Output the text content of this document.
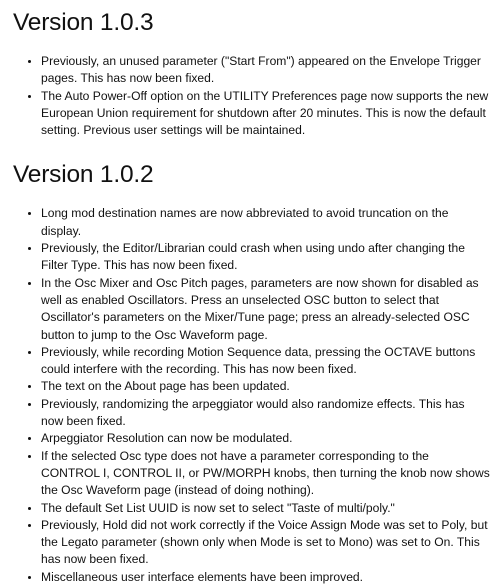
Version 1.0.3
• Previously, an unused parameter ("Start From") appeared on the Envelope Trigger pages. This has now been fixed.
• The Auto Power-Off option on the UTILITY Preferences page now supports the new European Union requirement for shutdown after 20 minutes. This is now the default setting. Previous user settings will be maintained.
Version 1.0.2
• Long mod destination names are now abbreviated to avoid truncation on the display.
• Previously, the Editor/Librarian could crash when using undo after changing the Filter Type. This has now been fixed.
• In the Osc Mixer and Osc Pitch pages, parameters are now shown for disabled as well as enabled Oscillators. Press an unselected OSC button to select that Oscillator's parameters on the Mixer/Tune page; press an already-selected OSC button to jump to the Osc Waveform page.
• Previously, while recording Motion Sequence data, pressing the OCTAVE buttons could interfere with the recording. This has now been fixed.
• The text on the About page has been updated.
• Previously, randomizing the arpeggiator would also randomize effects. This has now been fixed.
• Arpeggiator Resolution can now be modulated.
• If the selected Osc type does not have a parameter corresponding to the CONTROL I, CONTROL II, or PW/MORPH knobs, then turning the knob now shows the Osc Waveform page (instead of doing nothing).
• The default Set List UUID is now set to select "Taste of multi/poly."
• Previously, Hold did not work correctly if the Voice Assign Mode was set to Poly, but the Legato parameter (shown only when Mode is set to Mono) was set to On. This has now been fixed.
• Miscellaneous user interface elements have been improved.
